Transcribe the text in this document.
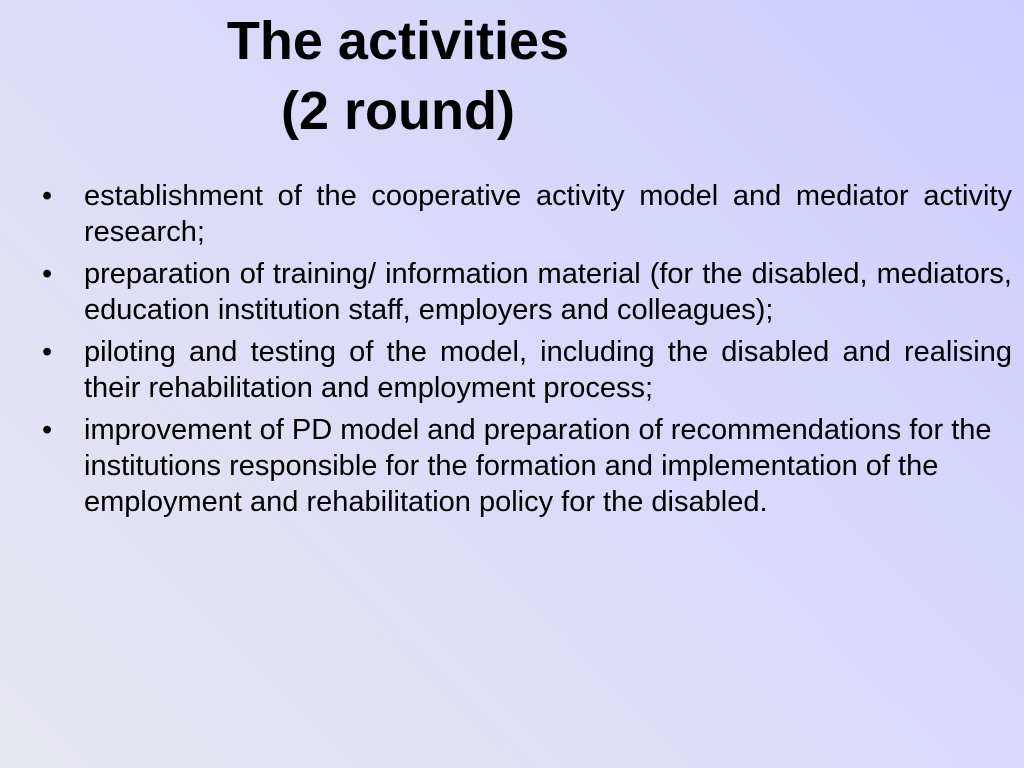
The activities
(2 round)
•	establishment of the cooperative activity model and mediator activity research;
•	preparation of training/ information material (for the disabled, mediators, education institution staff, employers and colleagues);
•	piloting and testing of the model, including the disabled and realising their rehabilitation and employment process;
•	improvement of PD model and preparation of recommendations for the institutions responsible for the formation and implementation of the employment and rehabilitation policy for the disabled.
